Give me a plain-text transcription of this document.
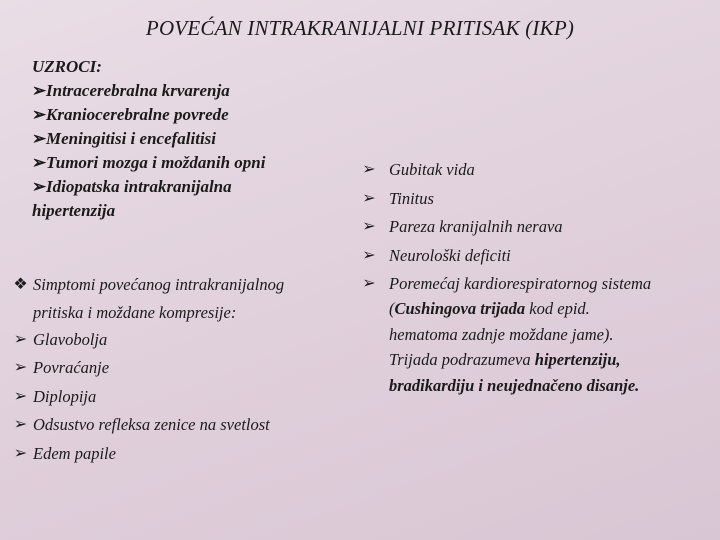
POVEĆAN INTRAKRANIJALNI PRITISAK (IKP)
UZROCI:
➢ Intracerebralna krvarenja
➢ Kraniocerebralne povrede
➢ Meningitisi i encefalitisi
➢ Tumori mozga i moždanih opni
➢ Idiopatska intrakranijalna
hipertenzija
❖ Simptomi povećanog intrakranijalnog
pritiska i moždane kompresije:
➢ Glavobolja
➢ Povraćanje
➢ Diplopija
➢ Odsustvo refleksa zenice na svetlost
➢ Edem papile
➢ Gubitak vida
➢ Tinitus
➢ Pareza kranijalnih nerava
➢ Neurološki deficiti
➢ Poremećaj kardiorespiratornog sistema
(Cushingova trijada kod epid.
hematoma zadnje moždane jame).
Trijada podrazumeva hipertenziju,
bradikardiju i neujednačeno disanje.
